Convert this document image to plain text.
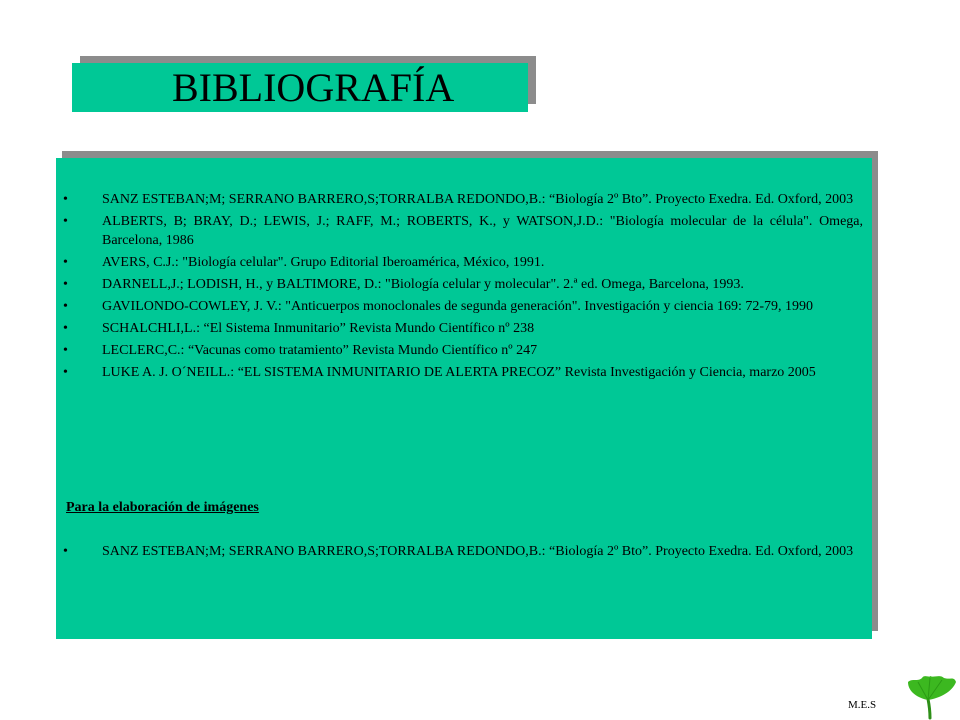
BIBLIOGRAFÍA
• SANZ ESTEBAN;M; SERRANO BARRERO,S;TORRALBA REDONDO,B.: “Biología 2º Bto”. Proyecto Exedra. Ed. Oxford, 2003
• ALBERTS, B; BRAY, D.; LEWIS, J.; RAFF, M.; ROBERTS, K., y WATSON,J.D.: "Biología molecular de la célula". Omega, Barcelona, 1986
• AVERS, C.J.: "Biología celular". Grupo Editorial Iberoamérica, México, 1991.
• DARNELL,J.; LODISH, H., y BALTIMORE, D.: "Biología celular y molecular". 2.ª ed. Omega, Barcelona, 1993.
• GAVILONDO-COWLEY, J. V.: "Anticuerpos monoclonales de segunda generación". Investigación y ciencia 169: 72-79, 1990
• SCHALCHLI,L.: “El Sistema Inmunitario” Revista Mundo Científico nº 238
• LECLERC,C.: “Vacunas como tratamiento” Revista Mundo Científico nº 247
• LUKE A. J. O´NEILL.: “EL SISTEMA INMUNITARIO DE ALERTA PRECOZ” Revista Investigación y Ciencia, marzo 2005
Para la elaboración de imágenes
• SANZ ESTEBAN;M; SERRANO BARRERO,S;TORRALBA REDONDO,B.: “Biología 2º Bto”. Proyecto Exedra. Ed. Oxford, 2003
M.E.S
